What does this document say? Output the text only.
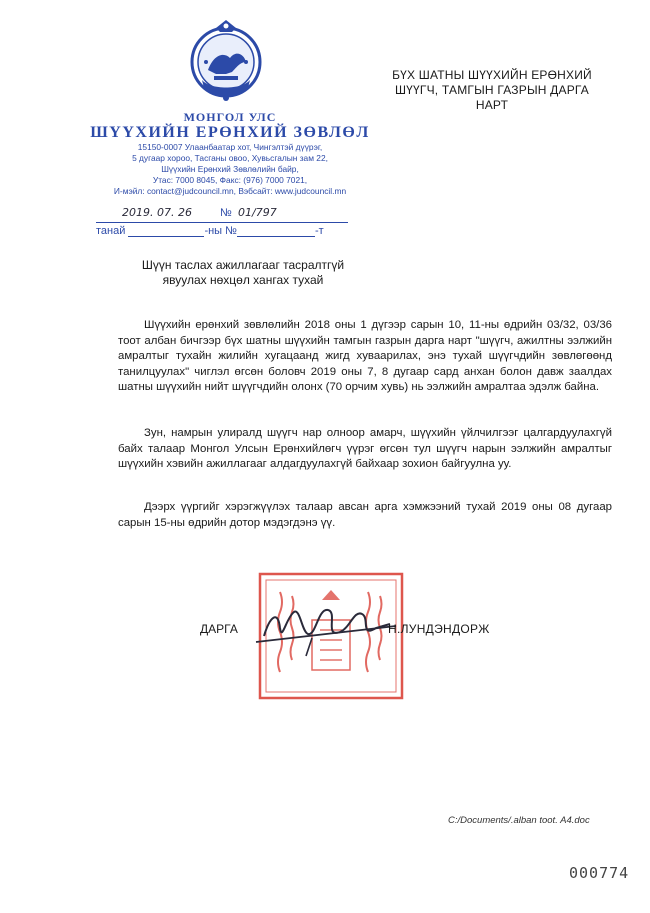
МОНГОЛ УЛС
ШҮҮХИЙН ЕРӨНХИЙ ЗӨВЛӨЛ
15150-0007 Улаанбаатар хот, Чингэлтэй дүүрэг,
5 дугаар хороо, Тасганы овоо, Хувьсгалын зам 22,
Шүүхийн Ерөнхий Зөвлөлийн байр,
Утас: 7000 8045, Факс: (976) 7000 7021,
И-мэйл: contact@judcouncil.mn, Вэбсайт: www.judcouncil.mn
2019. 07. 26	№ 01/797
танай	-ны №	-т
БҮХ ШАТНЫ ШҮҮХИЙН ЕРӨНХИЙ
ШҮҮГЧ, ТАМГЫН ГАЗРЫН ДАРГА
НАРТ
Шүүн таслах ажиллагааг тасралтгүй
явуулах нөхцөл хангах тухай
Шүүхийн ерөнхий зөвлөлийн 2018 оны 1 дүгээр сарын 10, 11-ны өдрийн 03/32, 03/36 тоот албан бичгээр бүх шатны шүүхийн тамгын газрын дарга нарт "шүүгч, ажилтны ээлжийн амралтыг тухайн жилийн хугацаанд жигд хуваарилах, энэ тухай шүүгчдийн зөвлөгөөнд танилцуулах" чиглэл өгсөн боловч 2019 оны 7, 8 дугаар сард анхан болон давж заалдах шатны шүүхийн нийт шүүгчдийн олонх (70 орчим хувь) нь ээлжийн амралтаа эдэлж байна.
Зун, намрын улиралд шүүгч нар олноор амарч, шүүхийн үйлчилгээг цалгардуулахгүй байх талаар Монгол Улсын Ерөнхийлөгч үүрэг өгсөн тул шүүгч нарын ээлжийн амралтыг шүүхийн хэвийн ажиллагааг алдагдуулахгүй байхаар зохион байгуулна уу.
Дээрх үүргийг хэрэгжүүлэх талаар авсан арга хэмжээний тухай 2019 оны 08 дугаар сарын 15-ны өдрийн дотор мэдэгдэнэ үү.
ДАРГА	Н.ЛУНДЭНДОРЖ
C:/Documents/.alban toot. A4.doc
000774
